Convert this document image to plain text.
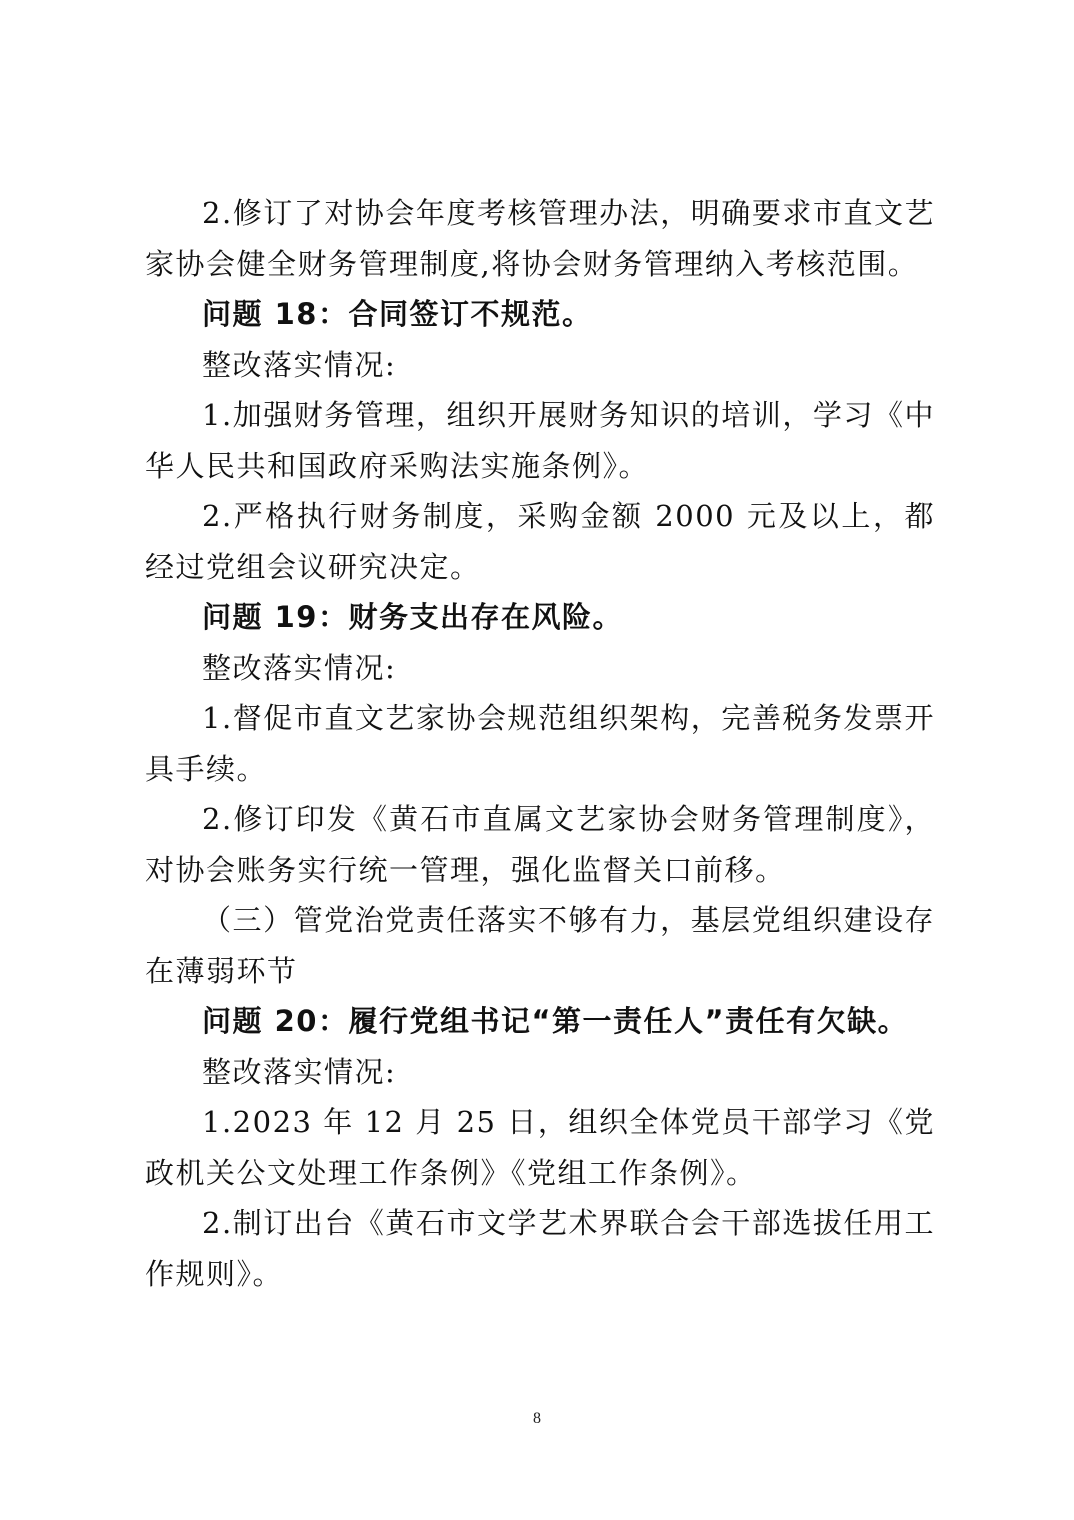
2.修订了对协会年度考核管理办法，明确要求市直文艺家协会健全财务管理制度,将协会财务管理纳入考核范围。

问题 18：合同签订不规范。

整改落实情况:

1.加强财务管理，组织开展财务知识的培训，学习《中华人民共和国政府采购法实施条例》。

2.严格执行财务制度，采购金额 2000 元及以上，都经过党组会议研究决定。

问题 19：财务支出存在风险。

整改落实情况:

1.督促市直文艺家协会规范组织架构，完善税务发票开具手续。

2.修订印发《黄石市直属文艺家协会财务管理制度》，对协会账务实行统一管理，强化监督关口前移。

（三）管党治党责任落实不够有力，基层党组织建设存在薄弱环节

问题 20：履行党组书记“第一责任人”责任有欠缺。

整改落实情况:

1.2023 年 12 月 25 日，组织全体党员干部学习《党政机关公文处理工作条例》《党组工作条例》。

2.制订出台《黄石市文学艺术界联合会干部选拔任用工作规则》。

8
